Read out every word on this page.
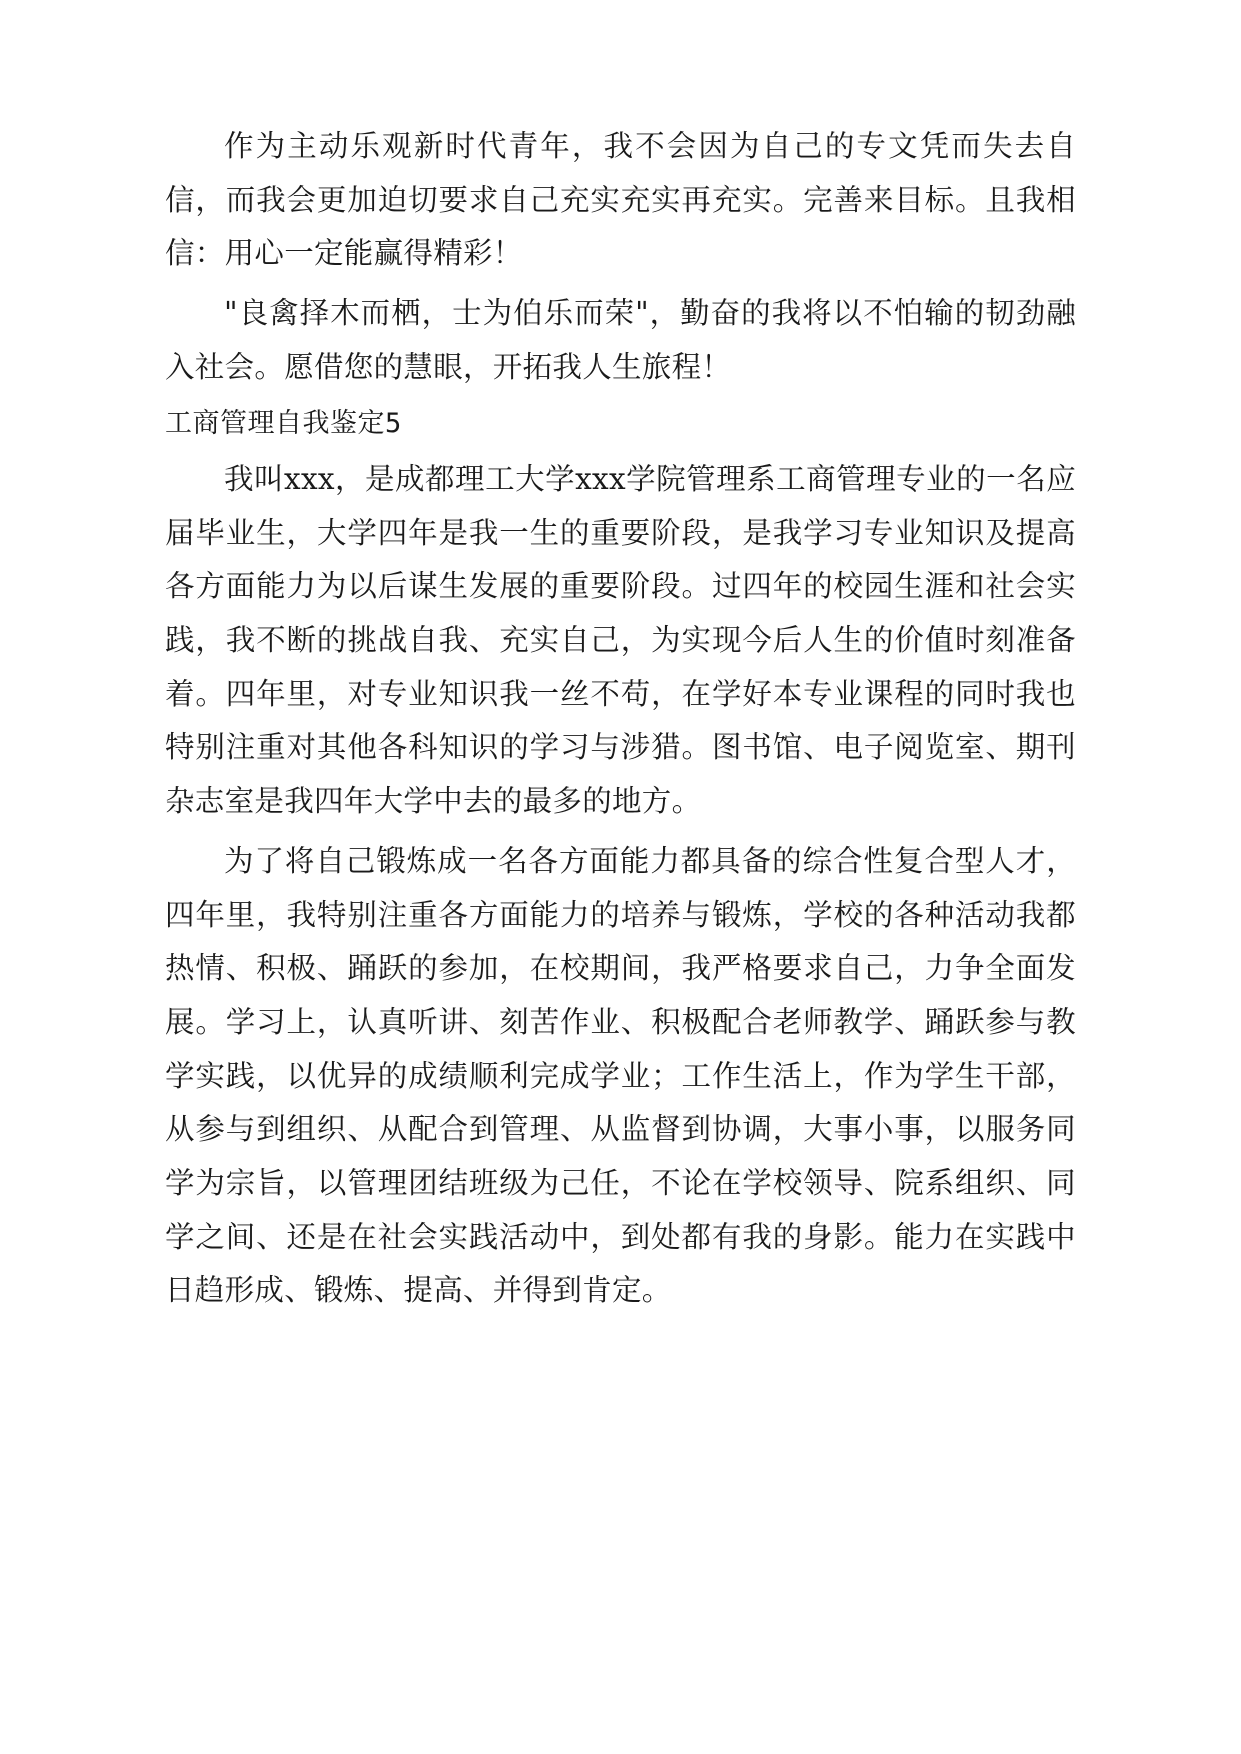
作为主动乐观新时代青年，我不会因为自己的专文凭而失去自信，而我会更加迫切要求自己充实充实再充实。完善来目标。且我相信：用心一定能赢得精彩！

"良禽择木而栖，士为伯乐而荣"，勤奋的我将以不怕输的韧劲融入社会。愿借您的慧眼，开拓我人生旅程！

工商管理自我鉴定5

我叫xxx，是成都理工大学xxx学院管理系工商管理专业的一名应届毕业生，大学四年是我一生的重要阶段，是我学习专业知识及提高各方面能力为以后谋生发展的重要阶段。过四年的校园生涯和社会实践，我不断的挑战自我、充实自己，为实现今后人生的价值时刻准备着。四年里，对专业知识我一丝不苟，在学好本专业课程的同时我也特别注重对其他各科知识的学习与涉猎。图书馆、电子阅览室、期刊杂志室是我四年大学中去的最多的地方。

为了将自己锻炼成一名各方面能力都具备的综合性复合型人才，四年里，我特别注重各方面能力的培养与锻炼，学校的各种活动我都热情、积极、踊跃的参加，在校期间，我严格要求自己，力争全面发展。学习上，认真听讲、刻苦作业、积极配合老师教学、踊跃参与教学实践，以优异的成绩顺利完成学业；工作生活上，作为学生干部，从参与到组织、从配合到管理、从监督到协调，大事小事，以服务同学为宗旨，以管理团结班级为己任，不论在学校领导、院系组织、同学之间、还是在社会实践活动中，到处都有我的身影。能力在实践中日趋形成、锻炼、提高、并得到肯定。
